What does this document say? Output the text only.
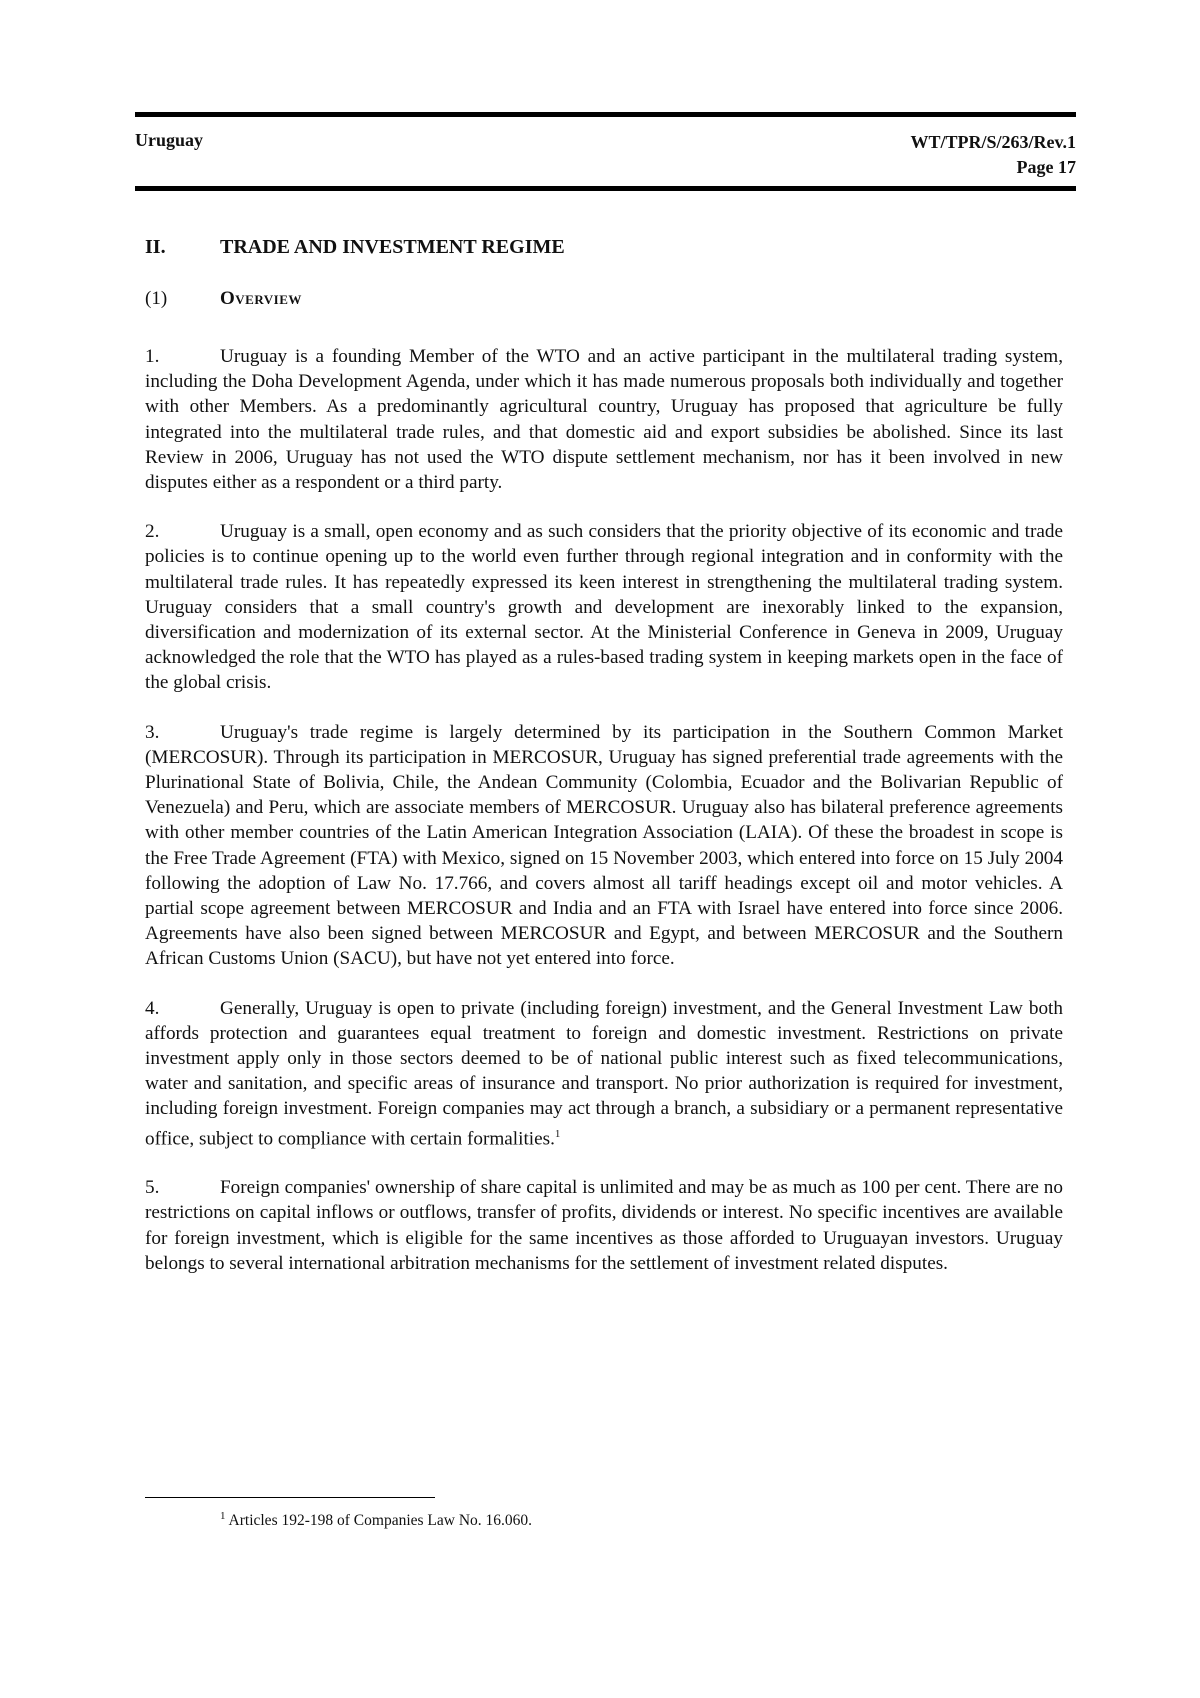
Uruguay	WT/TPR/S/263/Rev.1
Page 17
II.	TRADE AND INVESTMENT REGIME
(1)	Overview

1.	Uruguay is a founding Member of the WTO and an active participant in the multilateral trading system, including the Doha Development Agenda, under which it has made numerous proposals both individually and together with other Members. As a predominantly agricultural country, Uruguay has proposed that agriculture be fully integrated into the multilateral trade rules, and that domestic aid and export subsidies be abolished. Since its last Review in 2006, Uruguay has not used the WTO dispute settlement mechanism, nor has it been involved in new disputes either as a respondent or a third party.

2.	Uruguay is a small, open economy and as such considers that the priority objective of its economic and trade policies is to continue opening up to the world even further through regional integration and in conformity with the multilateral trade rules. It has repeatedly expressed its keen interest in strengthening the multilateral trading system. Uruguay considers that a small country's growth and development are inexorably linked to the expansion, diversification and modernization of its external sector. At the Ministerial Conference in Geneva in 2009, Uruguay acknowledged the role that the WTO has played as a rules-based trading system in keeping markets open in the face of the global crisis.

3.	Uruguay's trade regime is largely determined by its participation in the Southern Common Market (MERCOSUR). Through its participation in MERCOSUR, Uruguay has signed preferential trade agreements with the Plurinational State of Bolivia, Chile, the Andean Community (Colombia, Ecuador and the Bolivarian Republic of Venezuela) and Peru, which are associate members of MERCOSUR. Uruguay also has bilateral preference agreements with other member countries of the Latin American Integration Association (LAIA). Of these the broadest in scope is the Free Trade Agreement (FTA) with Mexico, signed on 15 November 2003, which entered into force on 15 July 2004 following the adoption of Law No. 17.766, and covers almost all tariff headings except oil and motor vehicles. A partial scope agreement between MERCOSUR and India and an FTA with Israel have entered into force since 2006. Agreements have also been signed between MERCOSUR and Egypt, and between MERCOSUR and the Southern African Customs Union (SACU), but have not yet entered into force.

4.	Generally, Uruguay is open to private (including foreign) investment, and the General Investment Law both affords protection and guarantees equal treatment to foreign and domestic investment. Restrictions on private investment apply only in those sectors deemed to be of national public interest such as fixed telecommunications, water and sanitation, and specific areas of insurance and transport. No prior authorization is required for investment, including foreign investment. Foreign companies may act through a branch, a subsidiary or a permanent representative office, subject to compliance with certain formalities.$^1$

5.	Foreign companies' ownership of share capital is unlimited and may be as much as 100 per cent. There are no restrictions on capital inflows or outflows, transfer of profits, dividends or interest. No specific incentives are available for foreign investment, which is eligible for the same incentives as those afforded to Uruguayan investors. Uruguay belongs to several international arbitration mechanisms for the settlement of investment related disputes.

$^1$ Articles 192-198 of Companies Law No. 16.060.
